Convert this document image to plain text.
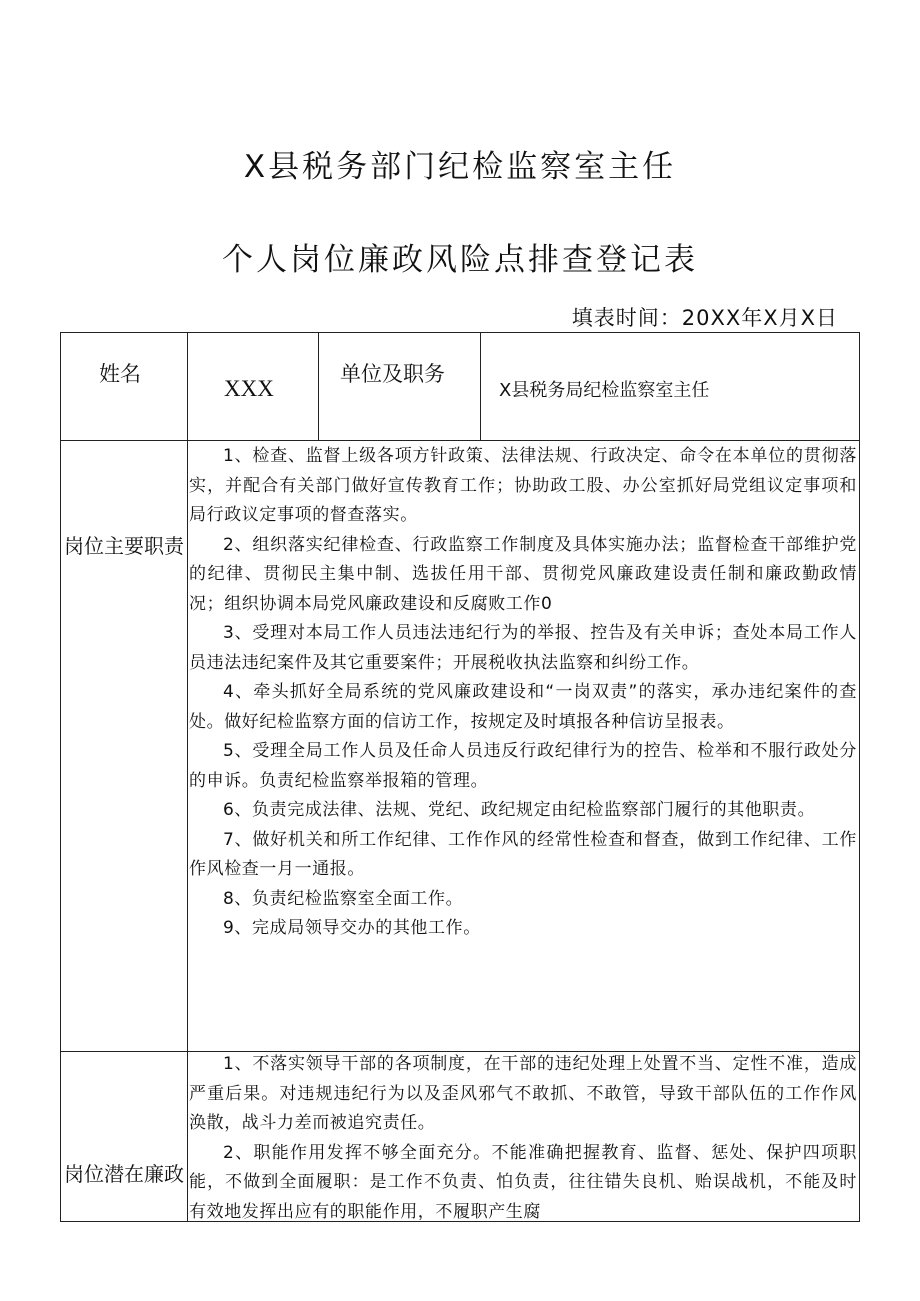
X县税务部门纪检监察室主任
个人岗位廉政风险点排查登记表
填表时间：20XX年X月X日
姓名
XXX
单位及职务
X县税务局纪检监察室主任
岗位主要职责

1、检查、监督上级各项方针政策、法律法规、行政决定、命令在本单位的贯彻落实，并配合有关部门做好宣传教育工作；协助政工股、办公室抓好局党组议定事项和局行政议定事项的督查落实。

2、组织落实纪律检查、行政监察工作制度及具体实施办法；监督检查干部维护党的纪律、贯彻民主集中制、选拔任用干部、贯彻党风廉政建设责任制和廉政勤政情况；组织协调本局党风廉政建设和反腐败工作0

3、受理对本局工作人员违法违纪行为的举报、控告及有关申诉；查处本局工作人员违法违纪案件及其它重要案件；开展税收执法监察和纠纷工作。

4、牵头抓好全局系统的党风廉政建设和“一岗双责”的落实，承办违纪案件的查处。做好纪检监察方面的信访工作，按规定及时填报各种信访呈报表。

5、受理全局工作人员及任命人员违反行政纪律行为的控告、检举和不服行政处分的申诉。负责纪检监察举报箱的管理。

6、负责完成法律、法规、党纪、政纪规定由纪检监察部门履行的其他职责。

7、做好机关和所工作纪律、工作作风的经常性检查和督查，做到工作纪律、工作作风检查一月一通报。

8、负责纪检监察室全面工作。

9、完成局领导交办的其他工作。

岗位潜在廉政

1、不落实领导干部的各项制度，在干部的违纪处理上处置不当、定性不准，造成严重后果。对违规违纪行为以及歪风邪气不敢抓、不敢管，导致干部队伍的工作作风涣散，战斗力差而被追究责任。

2、职能作用发挥不够全面充分。不能准确把握教育、监督、惩处、保护四项职能，不做到全面履职：是工作不负责、怕负责，往往错失良机、贻误战机，不能及时有效地发挥出应有的职能作用，不履职产生腐
